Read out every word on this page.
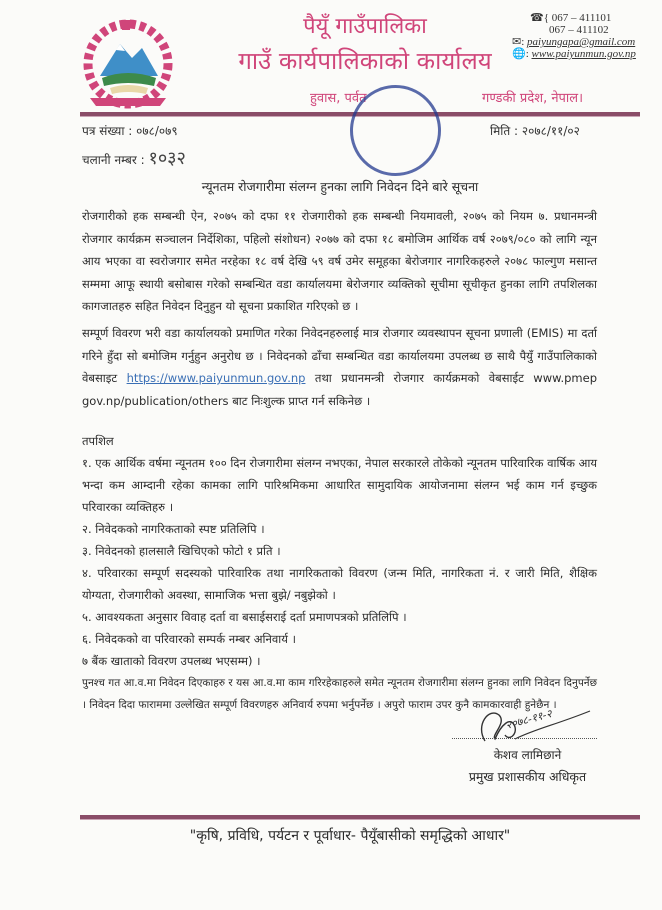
पैयूँ गाउँपालिका
गाउँ कार्यपालिकाको कार्यालय
हुवास, पर्वत	गण्डकी प्रदेश, नेपाल।
☎{ 067 – 411101
067 – 411102
✉: paiyungapa@gmail.com
🌐: www.paiyunmun.gov.np
पत्र संख्या : ०७८/०७९
चलानी नम्बर : १०३२
मिति : २०७८/११/०२
न्यूनतम रोजगारीमा संलग्न हुनका लागि निवेदन दिने बारे सूचना
रोजगारीको हक सम्बन्धी ऐन, २०७५ को दफा ११ रोजगारीको हक सम्बन्धी नियमावली, २०७५ को नियम ७. प्रधानमन्त्री रोजगार कार्यक्रम सञ्चालन निर्देशिका, पहिलो संशोधन) २०७७ को दफा १८ बमोजिम आर्थिक वर्ष २०७९/०८० को लागि न्यून आय भएका वा स्वरोजगार समेत नरहेका १८ वर्ष देखि ५९ वर्ष उमेर समूहका बेरोजगार नागरिकहरुले २०७८ फाल्गुण मसान्त सम्ममा आफू स्थायी बसोबास गरेको सम्बन्धित वडा कार्यालयमा बेरोजगार व्यक्तिको सूचीमा सूचीकृत हुनका लागि तपशिलका कागजातहरु सहित निवेदन दिनुहुन यो सूचना प्रकाशित गरिएको छ ।
सम्पूर्ण विवरण भरी वडा कार्यालयको प्रमाणित गरेका निवेदनहरुलाई मात्र रोजगार व्यवस्थापन सूचना प्रणाली (EMIS) मा दर्ता गरिने हुँदा सो बमोजिम गर्नुहुन अनुरोध छ । निवेदनको ढाँचा सम्बन्धित वडा कार्यालयमा उपलब्ध छ साथै पैयुँ गाउँपालिकाको वेबसाइट https://www.paiyunmun.gov.np तथा प्रधानमन्त्री रोजगार कार्यक्रमको वेबसाईट www.pmep gov.np/publication/others बाट निःशुल्क प्राप्त गर्न सकिनेछ ।
तपशिल
१. एक आर्थिक वर्षमा न्यूनतम १०० दिन रोजगारीमा संलग्न नभएका, नेपाल सरकारले तोकेको न्यूनतम पारिवारिक वार्षिक आय भन्दा कम आम्दानी रहेका कामका लागि पारिश्रमिकमा आधारित सामुदायिक आयोजनामा संलग्न भई काम गर्न इच्छुक परिवारका व्यक्तिहरु ।
२. निवेदकको नागरिकताको स्पष्ट प्रतिलिपि ।
३. निवेदनको हालसालै खिचिएको फोटो १ प्रति ।
४. परिवारका सम्पूर्ण सदस्यको पारिवारिक तथा नागरिकताको विवरण (जन्म मिति, नागरिकता नं. र जारी मिति, शैक्षिक योग्यता, रोजगारीको अवस्था, सामाजिक भत्ता बुझे/ नबुझेको ।
५. आवश्यकता अनुसार विवाह दर्ता वा बसाईसराई दर्ता प्रमाणपत्रको प्रतिलिपि ।
६. निवेदकको वा परिवारको सम्पर्क नम्बर अनिवार्य ।
७ बैंक खाताको विवरण उपलब्ध भएसम्म) ।
पुनश्च गत आ.व.मा निवेदन दिएकाहरु र यस आ.व.मा काम गरिरहेकाहरुले समेत न्यूनतम रोजगारीमा संलग्न हुनका लागि निवेदन दिनुपर्नेछ । निवेदन दिदा फाराममा उल्लेखित सम्पूर्ण विवरणहरु अनिवार्य रुपमा भर्नुपर्नेछ । अपुरो फाराम उपर कुनै कामकारवाही हुनेछैन ।
२०७८-११-२
केशव लामिछाने
प्रमुख प्रशासकीय अधिकृत
"कृषि, प्रविधि, पर्यटन र पूर्वाधार- पैयूँबासीको समृद्धिको आधार"
